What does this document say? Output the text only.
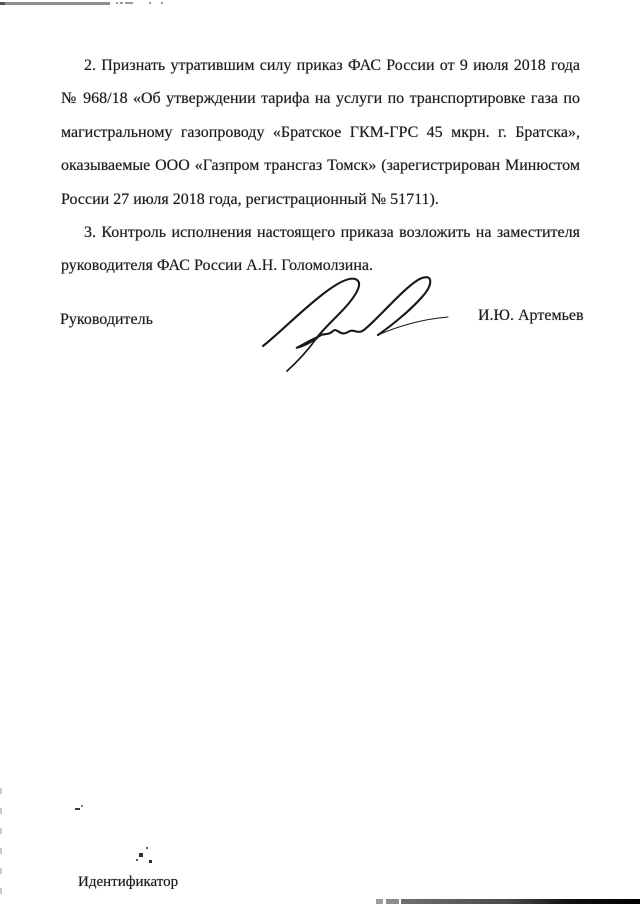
2. Признать утратившим силу приказ ФАС России от 9 июля 2018 года № 968/18 «Об утверждении тарифа на услуги по транспортировке газа по магистральному газопроводу «Братское ГКМ-ГРС 45 мкрн. г. Братска», оказываемые ООО «Газпром трансгаз Томск» (зарегистрирован Минюстом России 27 июля 2018 года, регистрационный № 51711).

3. Контроль исполнения настоящего приказа возложить на заместителя руководителя ФАС России А.Н. Голомолзина.

Руководитель	И.Ю. Артемьев
Идентификатор
